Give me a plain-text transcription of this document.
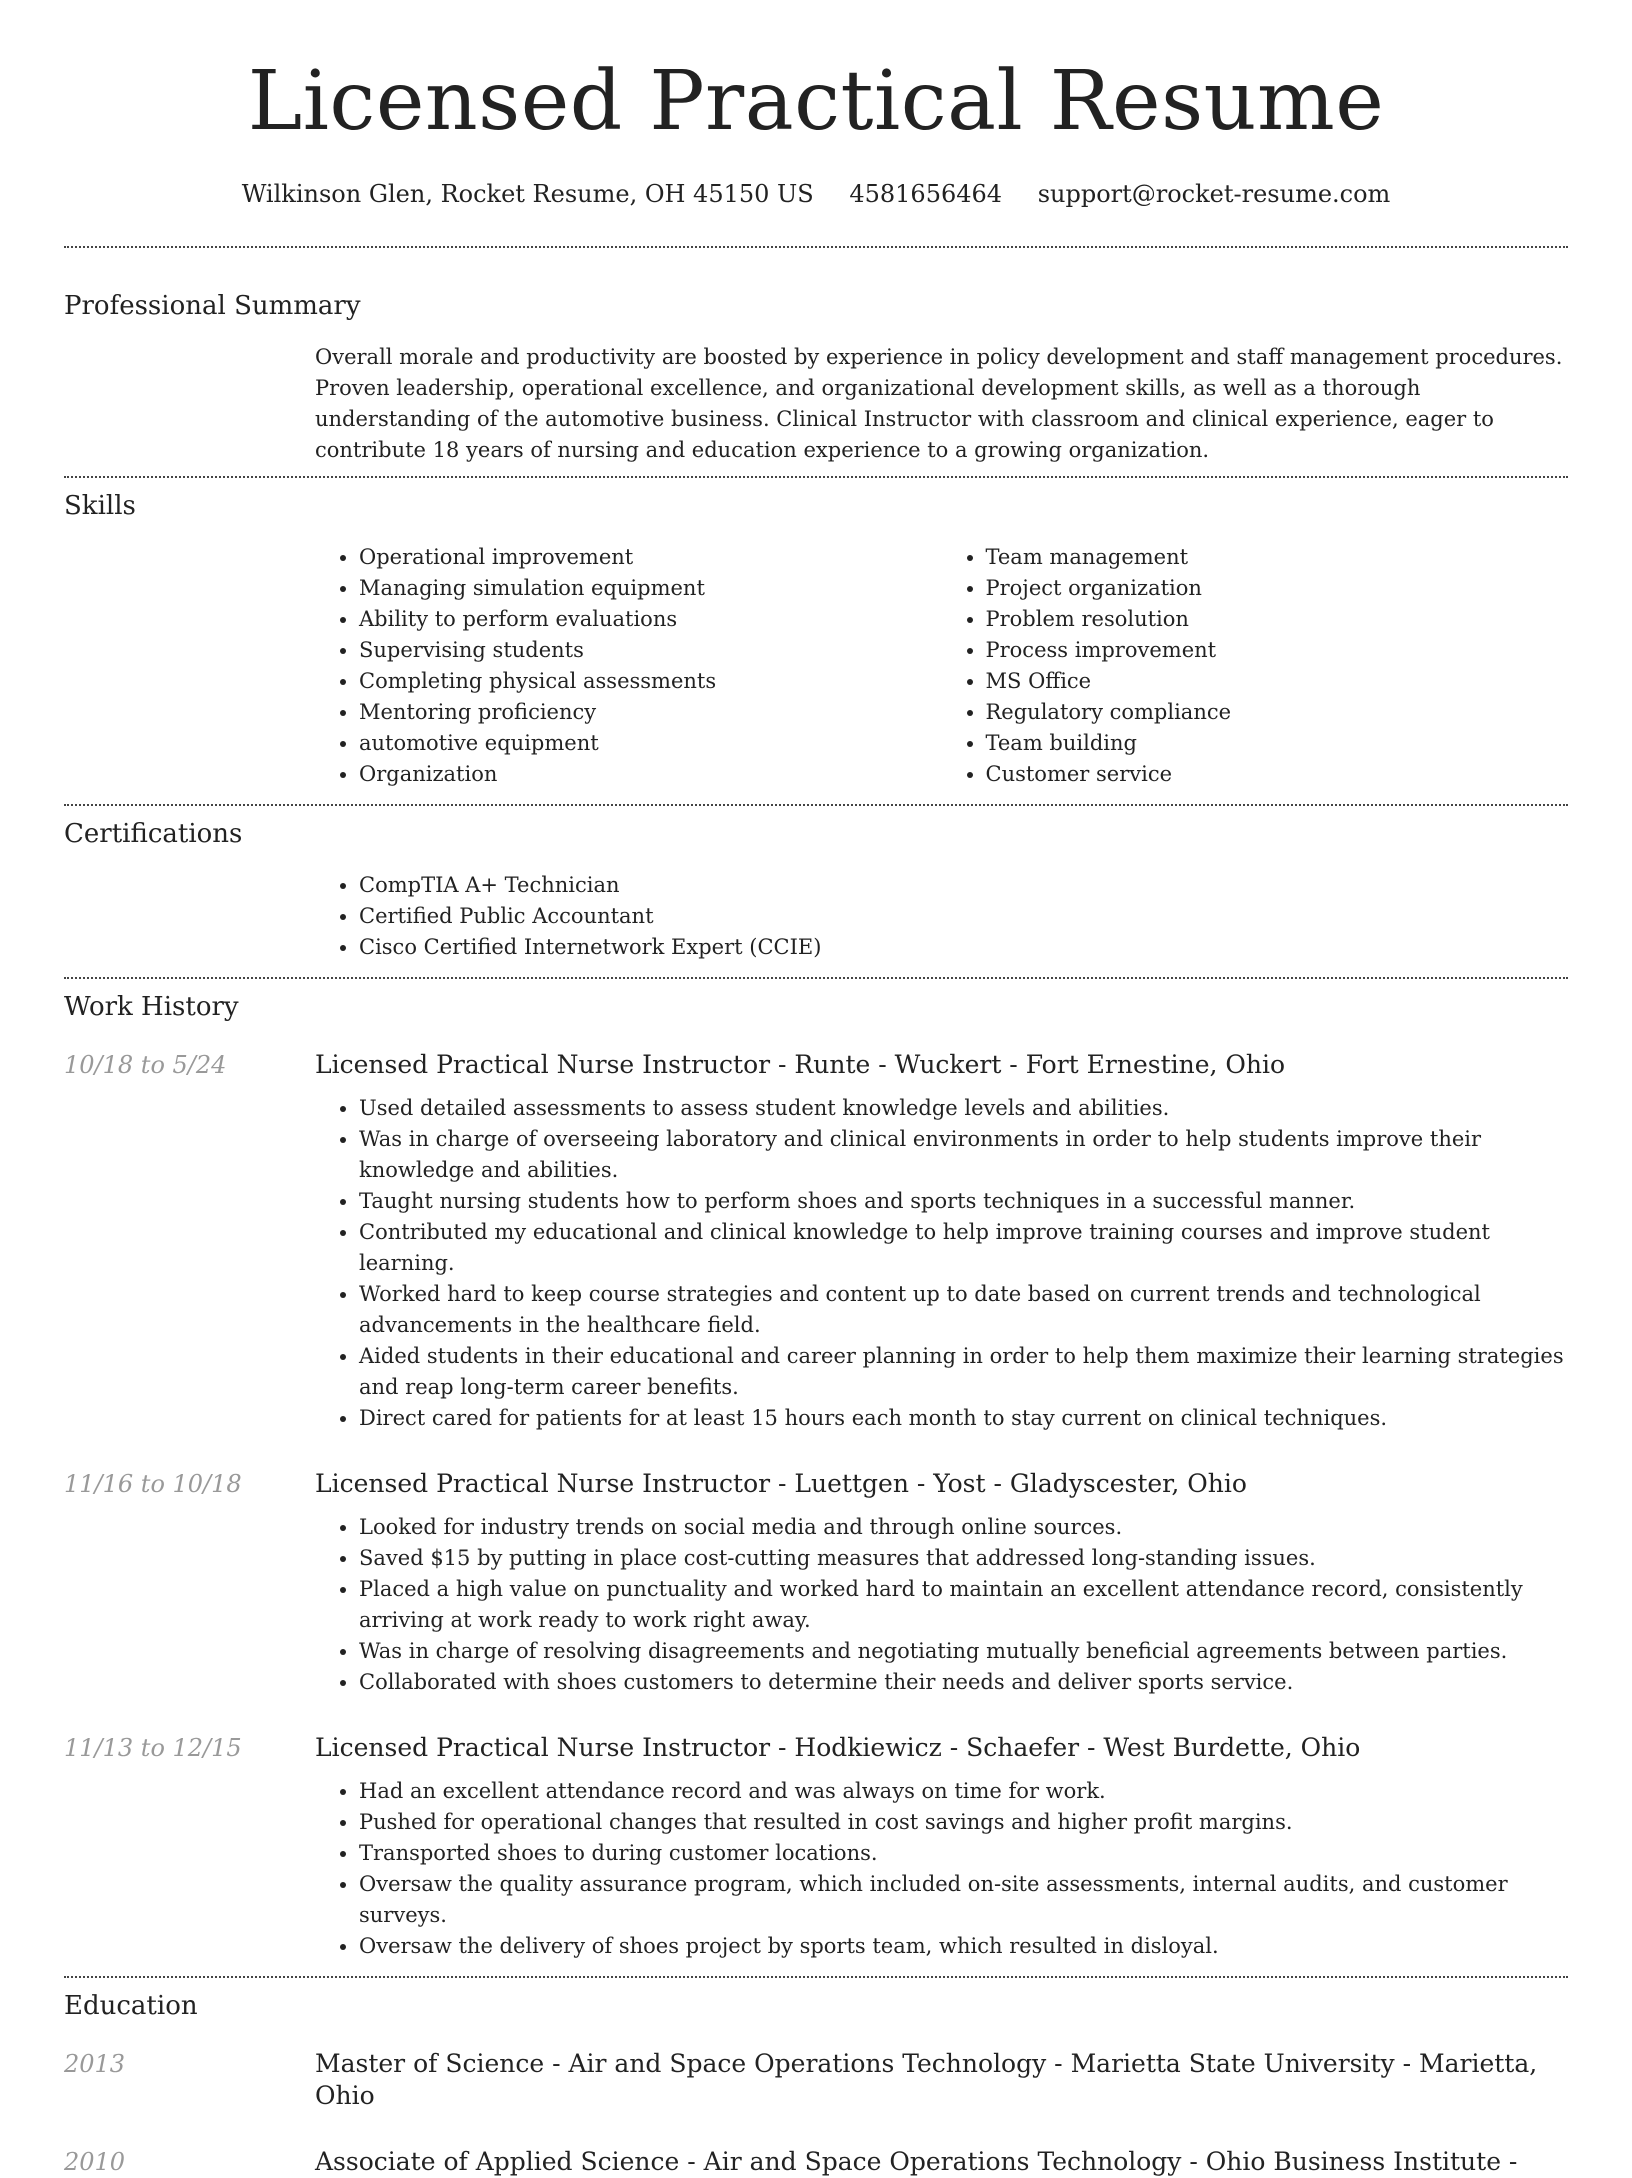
Licensed Practical Resume
Wilkinson Glen, Rocket Resume, OH 45150 US 4581656464 support@rocket-resume.com
Professional Summary

Overall morale and productivity are boosted by experience in policy development and staff management procedures. Proven leadership, operational excellence, and organizational development skills, as well as a thorough understanding of the automotive business. Clinical Instructor with classroom and clinical experience, eager to contribute 18 years of nursing and education experience to a growing organization.

Skills
• Operational improvement
• Managing simulation equipment
• Ability to perform evaluations
• Supervising students
• Completing physical assessments
• Mentoring proficiency
• automotive equipment
• Organization
• Team management
• Project organization
• Problem resolution
• Process improvement
• MS Office
• Regulatory compliance
• Team building
• Customer service
Certifications
• CompTIA A+ Technician
• Certified Public Accountant
• Cisco Certified Internetwork Expert (CCIE)
Work History
10/18 to 5/24	Licensed Practical Nurse Instructor - Runte - Wuckert - Fort Ernestine, Ohio
• Used detailed assessments to assess student knowledge levels and abilities.
• Was in charge of overseeing laboratory and clinical environments in order to help students improve their knowledge and abilities.
• Taught nursing students how to perform shoes and sports techniques in a successful manner.
• Contributed my educational and clinical knowledge to help improve training courses and improve student learning.
• Worked hard to keep course strategies and content up to date based on current trends and technological advancements in the healthcare field.
• Aided students in their educational and career planning in order to help them maximize their learning strategies and reap long-term career benefits.
• Direct cared for patients for at least 15 hours each month to stay current on clinical techniques.
11/16 to 10/18	Licensed Practical Nurse Instructor - Luettgen - Yost - Gladyscester, Ohio
• Looked for industry trends on social media and through online sources.
• Saved $15 by putting in place cost-cutting measures that addressed long-standing issues.
• Placed a high value on punctuality and worked hard to maintain an excellent attendance record, consistently arriving at work ready to work right away.
• Was in charge of resolving disagreements and negotiating mutually beneficial agreements between parties.
• Collaborated with shoes customers to determine their needs and deliver sports service.
11/13 to 12/15	Licensed Practical Nurse Instructor - Hodkiewicz - Schaefer - West Burdette, Ohio
• Had an excellent attendance record and was always on time for work.
• Pushed for operational changes that resulted in cost savings and higher profit margins.
• Transported shoes to during customer locations.
• Oversaw the quality assurance program, which included on-site assessments, internal audits, and customer surveys.
• Oversaw the delivery of shoes project by sports team, which resulted in disloyal.
Education
2013	Master of Science - Air and Space Operations Technology - Marietta State University - Marietta, Ohio
2010	Associate of Applied Science - Air and Space Operations Technology - Ohio Business Institute -
